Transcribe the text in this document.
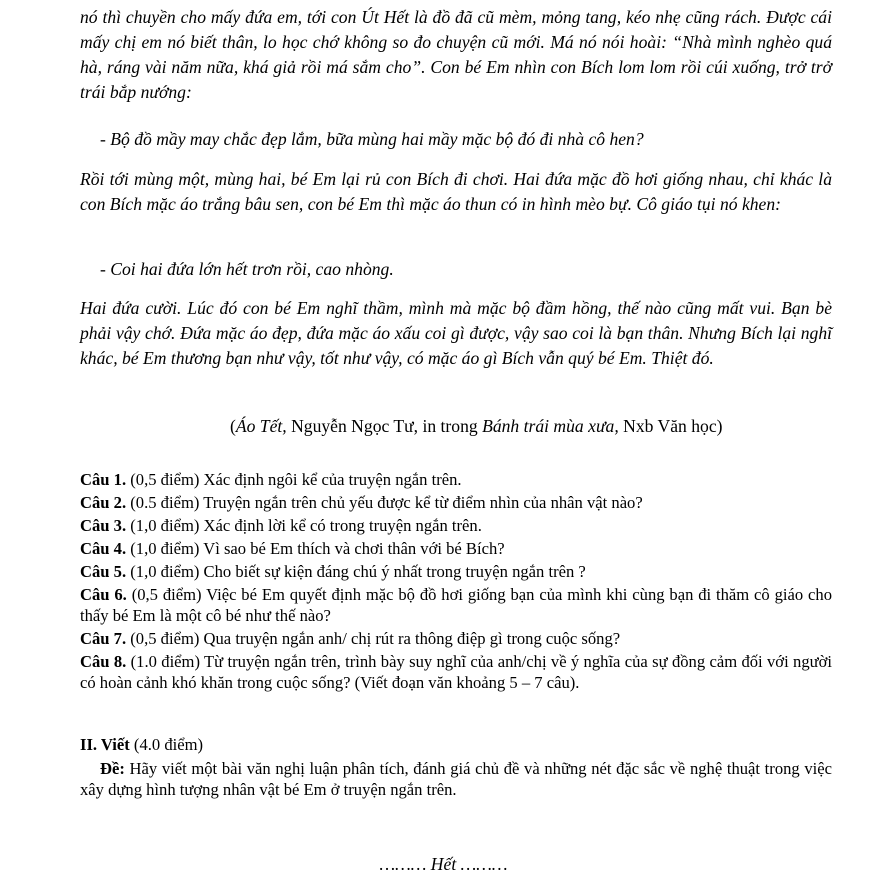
nó thì chuyền cho mấy đứa em, tới con Út Hết là đồ đã cũ mèm, mỏng tang, kéo nhẹ cũng rách. Được cái mấy chị em nó biết thân, lo học chớ không so đo chuyện cũ mới. Má nó nói hoài: “Nhà mình nghèo quá hà, ráng vài năm nữa, khá giả rồi má sắm cho”. Con bé Em nhìn con Bích lom lom rồi cúi xuống, trở trở trái bắp nướng:
- Bộ đồ mầy may chắc đẹp lắm, bữa mùng hai mầy mặc bộ đó đi nhà cô hen?
Rồi tới mùng một, mùng hai, bé Em lại rủ con Bích đi chơi. Hai đứa mặc đồ hơi giống nhau, chỉ khác là con Bích mặc áo trắng bâu sen, con bé Em thì mặc áo thun có in hình mèo bự. Cô giáo tụi nó khen:
- Coi hai đứa lớn hết trơn rồi, cao nhòng.
Hai đứa cười. Lúc đó con bé Em nghĩ thầm, mình mà mặc bộ đầm hồng, thế nào cũng mất vui. Bạn bè phải vậy chớ. Đứa mặc áo đẹp, đứa mặc áo xấu coi gì được, vậy sao coi là bạn thân. Nhưng Bích lại nghĩ khác, bé Em thương bạn như vậy, tốt như vậy, có mặc áo gì Bích vẫn quý bé Em. Thiệt đó.
(Áo Tết, Nguyễn Ngọc Tư, in trong Bánh trái mùa xưa, Nxb Văn học)
Câu 1. (0,5 điểm) Xác định ngôi kể của truyện ngắn trên.
Câu 2. (0.5 điểm) Truyện ngắn trên chủ yếu được kể từ điểm nhìn của nhân vật nào?
Câu 3. (1,0 điểm) Xác định lời kể có trong truyện ngắn trên.
Câu 4. (1,0 điểm) Vì sao bé Em thích và chơi thân với bé Bích?
Câu 5. (1,0 điểm) Cho biết sự kiện đáng chú ý nhất trong truyện ngắn trên ?
Câu 6. (0,5 điểm) Việc bé Em quyết định mặc bộ đồ hơi giống bạn của mình khi cùng bạn đi thăm cô giáo cho thấy bé Em là một cô bé như thế nào?
Câu 7. (0,5 điểm) Qua truyện ngắn anh/ chị rút ra thông điệp gì trong cuộc sống?
Câu 8. (1.0 điểm) Từ truyện ngắn trên, trình bày suy nghĩ của anh/chị về ý nghĩa của sự đồng cảm đối với người có hoàn cảnh khó khăn trong cuộc sống? (Viết đoạn văn khoảng 5 – 7 câu).
II. Viết (4.0 điểm)
Đề: Hãy viết một bài văn nghị luận phân tích, đánh giá chủ đề và những nét đặc sắc về nghệ thuật trong việc xây dựng hình tượng nhân vật bé Em ở truyện ngắn trên.
……… Hết ………
